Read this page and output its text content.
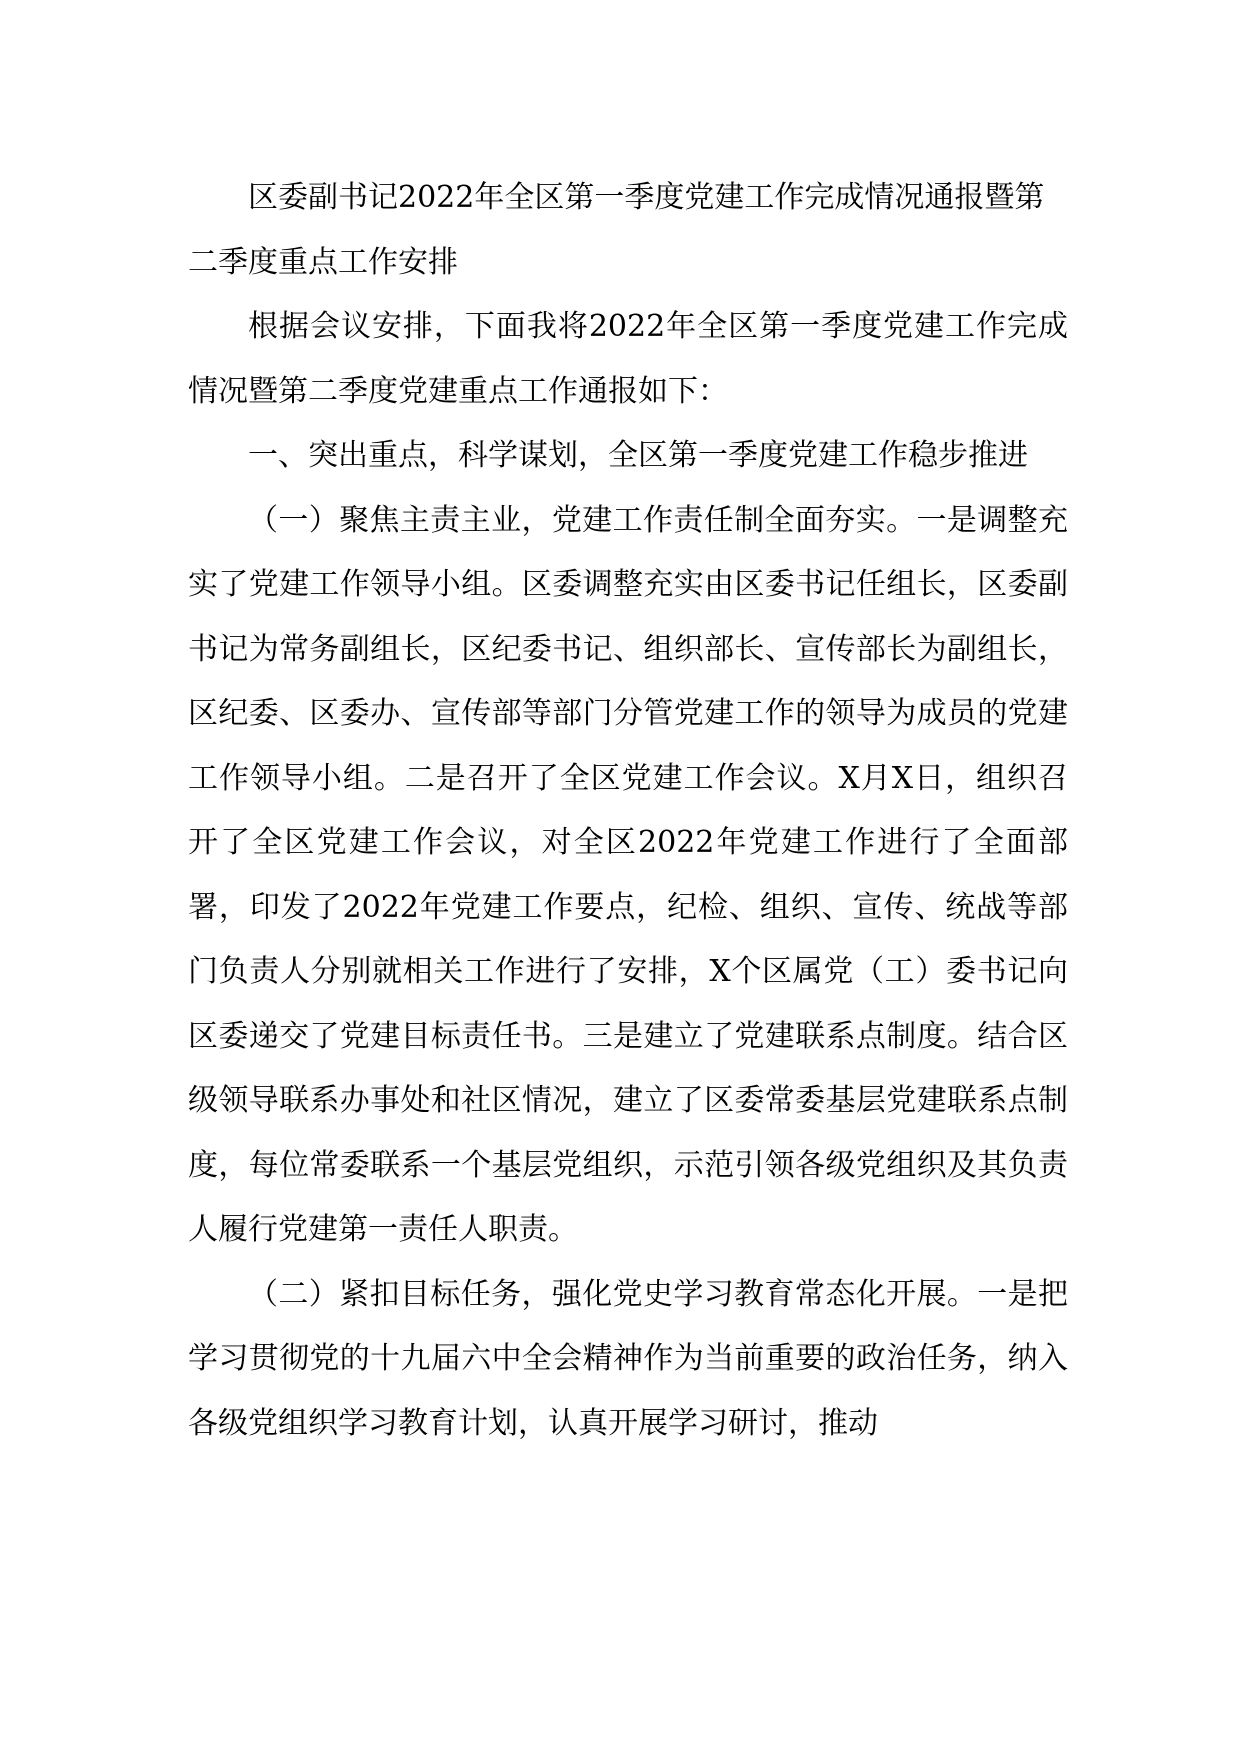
区委副书记2022年全区第一季度党建工作完成情况通报暨第二季度重点工作安排

根据会议安排，下面我将2022年全区第一季度党建工作完成情况暨第二季度党建重点工作通报如下：

一、突出重点，科学谋划，全区第一季度党建工作稳步推进

（一）聚焦主责主业，党建工作责任制全面夯实。一是调整充实了党建工作领导小组。区委调整充实由区委书记任组长，区委副书记为常务副组长，区纪委书记、组织部长、宣传部长为副组长，区纪委、区委办、宣传部等部门分管党建工作的领导为成员的党建工作领导小组。二是召开了全区党建工作会议。X月X日，组织召开了全区党建工作会议，对全区2022年党建工作进行了全面部署，印发了2022年党建工作要点，纪检、组织、宣传、统战等部门负责人分别就相关工作进行了安排，X个区属党（工）委书记向区委递交了党建目标责任书。三是建立了党建联系点制度。结合区级领导联系办事处和社区情况，建立了区委常委基层党建联系点制度，每位常委联系一个基层党组织，示范引领各级党组织及其负责人履行党建第一责任人职责。

（二）紧扣目标任务，强化党史学习教育常态化开展。一是把学习贯彻党的十九届六中全会精神作为当前重要的政治任务，纳入各级党组织学习教育计划，认真开展学习研讨，推动
